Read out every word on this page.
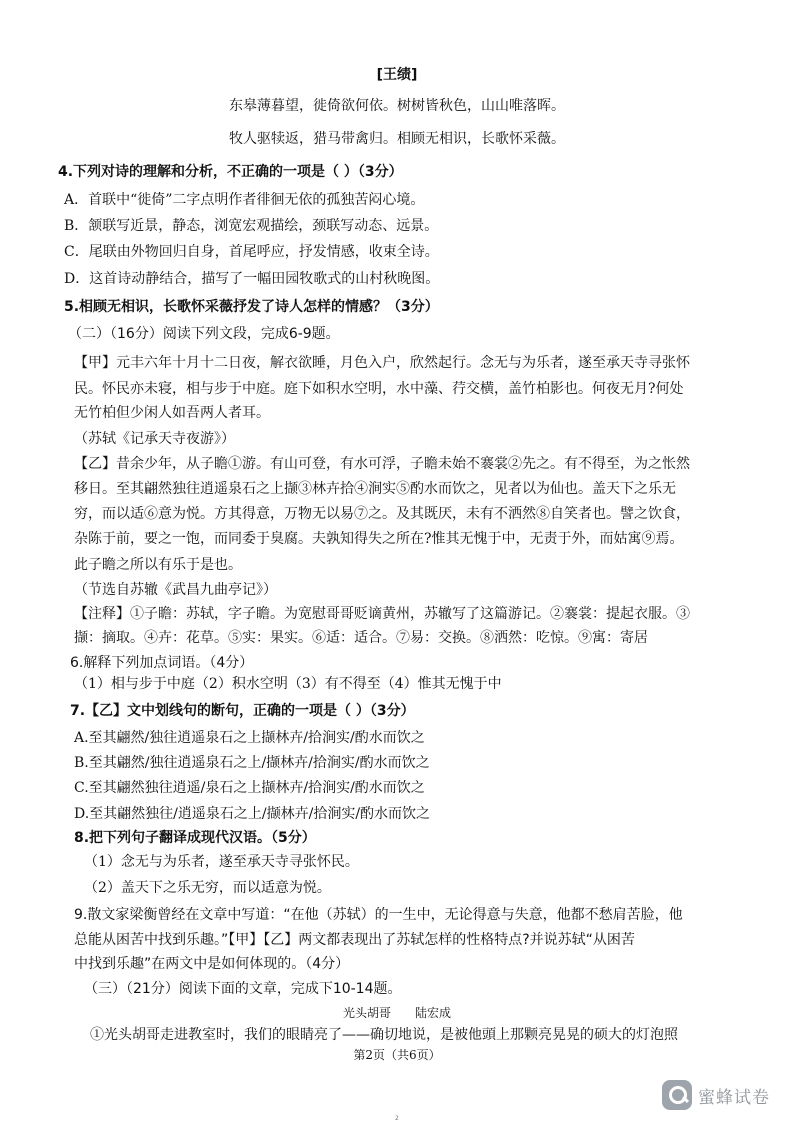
[王绩]
东皋薄暮望，徙倚欲何依。树树皆秋色，山山唯落晖。
牧人驱犊返，猎马带禽归。相顾无相识，长歌怀采薇。
4.下列对诗的理解和分析，不正确的一项是（ ）（3分）
A．首联中“徙倚”二字点明作者徘徊无依的孤独苦闷心境。
B．颔联写近景，静态，浏宽宏观描绘，颈联写动态、远景。
C．尾联由外物回归自身，首尾呼应，抒发情感，收束全诗。
D．这首诗动静结合，描写了一幅田园牧歌式的山村秋晚图。
5.相顾无相识，长歌怀采薇抒发了诗人怎样的情感？（3分）
（二）（16分）阅读下列文段，完成6-9题。
【甲】元丰六年十月十二日夜，解衣欲睡，月色入户，欣然起行。念无与为乐者，遂至承天寺寻张怀
民。怀民亦未寝，相与步于中庭。庭下如积水空明，水中藻、荇交横，盖竹柏影也。何夜无月?何处
无竹柏但少闲人如吾两人者耳。
（苏轼《记承天寺夜游》）
【乙】昔余少年，从子瞻①游。有山可登，有水可浮，子瞻未始不褰裳②先之。有不得至，为之怅然
移日。至其翩然独往逍遥泉石之上撷③林卉拾④涧实⑤酌水而饮之，见者以为仙也。盖天下之乐无
穷，而以适⑥意为悦。方其得意，万物无以易⑦之。及其既厌，未有不洒然⑧自笑者也。譬之饮食，
杂陈于前，要之一饱，而同委于臭腐。夫孰知得失之所在?惟其无愧于中，无责于外，而姑寓⑨焉。
此子瞻之所以有乐于是也。
（节选自苏辙《武昌九曲亭记》）
【注释】①子瞻：苏轼，字子瞻。为宽慰哥哥贬谪黄州，苏辙写了这篇游记。②褰裳：提起衣服。③
撷：摘取。④卉：花草。⑤实：果实。⑥适：适合。⑦易：交换。⑧洒然：吃惊。⑨寓：寄居
6.解释下列加点词语。（4分）
（1）相与步于中庭（2）积水空明（3）有不得至（4）惟其无愧于中
7.【乙】文中划线句的断句，正确的一项是（ ）（3分）
A.至其翩然/独往逍遥泉石之上撷林卉/拾涧实/酌水而饮之
B.至其翩然/独往逍遥泉石之上/撷林卉/拾涧实/酌水而饮之
C.至其翩然独往逍遥/泉石之上撷林卉/拾涧实/酌水而饮之
D.至其翩然独往/逍遥泉石之上/撷林卉/拾涧实/酌水而饮之
8.把下列句子翻译成现代汉语。（5分）
（1）念无与为乐者，遂至承天寺寻张怀民。
（2）盖天下之乐无穷，而以适意为悦。
9.散文家梁衡曾经在文章中写道：“在他（苏轼）的一生中，无论得意与失意，他都不愁肩苦脸，他
总能从困苦中找到乐趣。”【甲】【乙】两文都表现出了苏轼怎样的性格特点?并说苏轼“从困苦
中找到乐趣”在两文中是如何体现的。（4分）
（三）（21分）阅读下面的文章，完成下10-14题。
光头胡哥　　陆宏成
①光头胡哥走进教室时，我们的眼睛亮了——确切地说，是被他頭上那颗亮晃晃的硕大的灯泡照
第2页（共6页）
蜜蜂试卷
2
